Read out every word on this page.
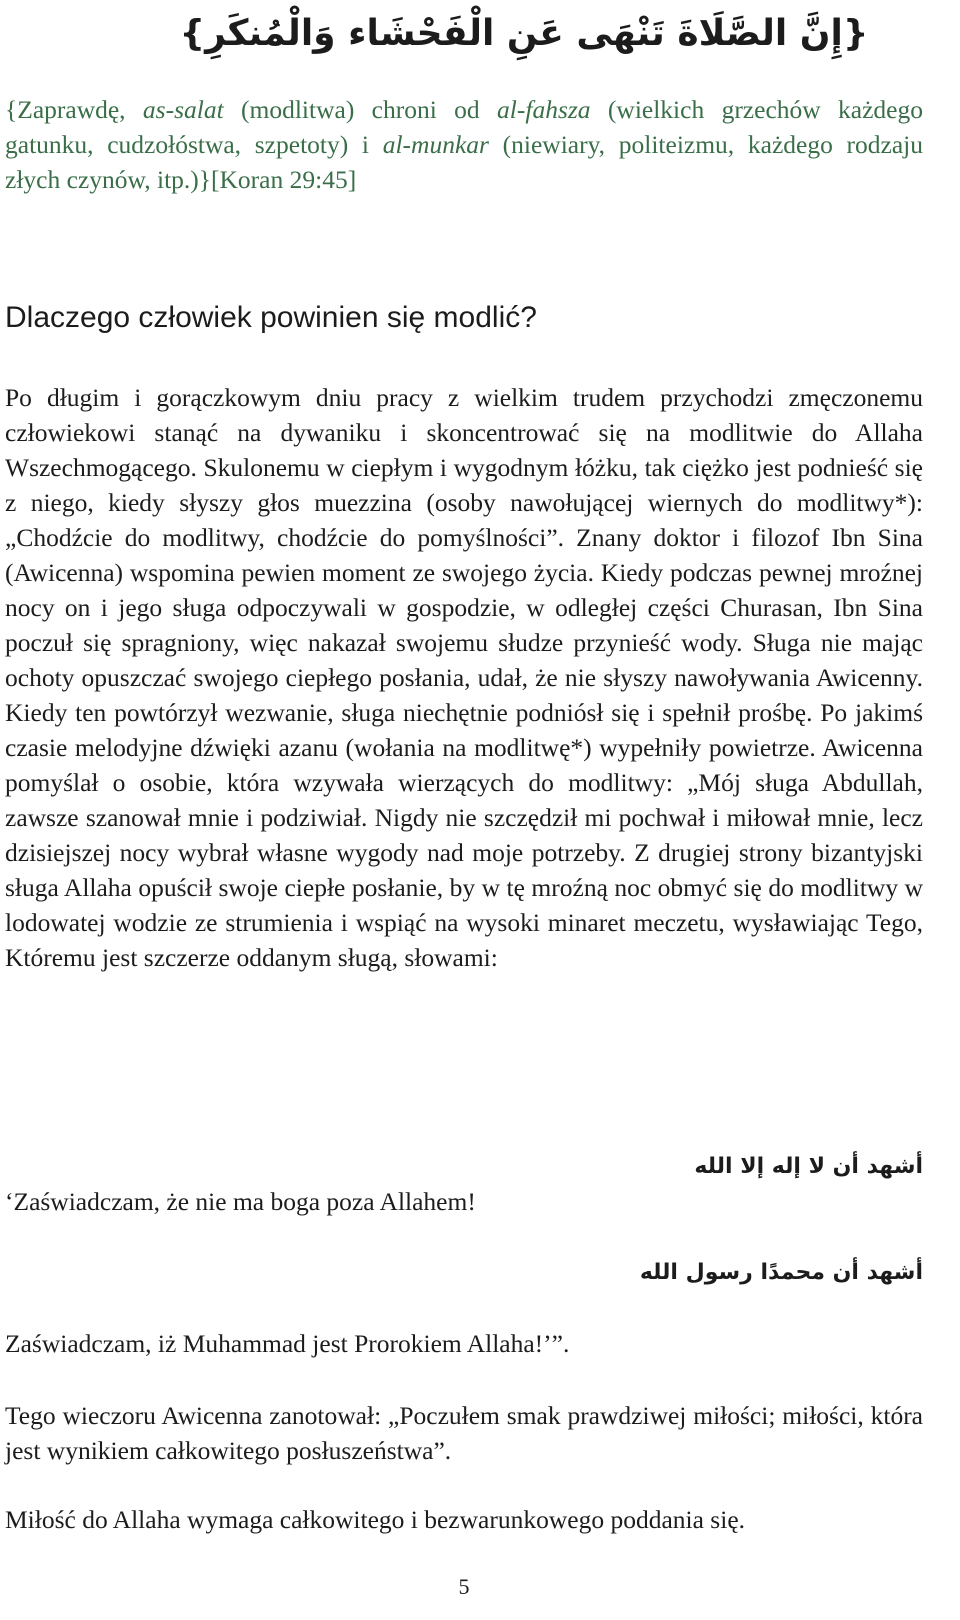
{إِنَّ الصَّلَاةَ تَنْهَى عَنِ الْفَحْشَاء وَالْمُنكَرِ}

{Zaprawdę, as-salat (modlitwa) chroni od al-fahsza (wielkich grzechów każdego gatunku, cudzołóstwa, szpetoty) i al-munkar (niewiary, politeizmu, każdego rodzaju złych czynów, itp.)}[Koran 29:45]

Dlaczego człowiek powinien się modlić?

Po długim i gorączkowym dniu pracy z wielkim trudem przychodzi zmęczonemu człowiekowi stanąć na dywaniku i skoncentrować się na modlitwie do Allaha Wszechmogącego. Skulonemu w ciepłym i wygodnym łóżku, tak ciężko jest podnieść się z niego, kiedy słyszy głos muezzina (osoby nawołującej wiernych do modlitwy*): „Chodźcie do modlitwy, chodźcie do pomyślności”. Znany doktor i filozof Ibn Sina (Awicenna) wspomina pewien moment ze swojego życia. Kiedy podczas pewnej mroźnej nocy on i jego sługa odpoczywali w gospodzie, w odległej części Churasan, Ibn Sina poczuł się spragniony, więc nakazał swojemu słudze przynieść wody. Sługa nie mając ochoty opuszczać swojego ciepłego posłania, udał, że nie słyszy nawoływania Awicenny. Kiedy ten powtórzył wezwanie, sługa niechętnie podniósł się i spełnił prośbę. Po jakimś czasie melodyjne dźwięki azanu (wołania na modlitwę*) wypełniły powietrze. Awicenna pomyślał o osobie, która wzywała wierzących do modlitwy: „Mój sługa Abdullah, zawsze szanował mnie i podziwiał. Nigdy nie szczędził mi pochwał i miłował mnie, lecz dzisiejszej nocy wybrał własne wygody nad moje potrzeby. Z drugiej strony bizantyjski sługa Allaha opuścił swoje ciepłe posłanie, by w tę mroźną noc obmyć się do modlitwy w lodowatej wodzie ze strumienia i wspiąć na wysoki minaret meczetu, wysławiając Tego, Któremu jest szczerze oddanym sługą, słowami:

أشهد أن لا إله إلا الله
‘Zaświadczam, że nie ma boga poza Allahem!
أشهد أن محمدًا رسول الله
Zaświadczam, iż Muhammad jest Prorokiem Allaha!’”.

Tego wieczoru Awicenna zanotował: „Poczułem smak prawdziwej miłości; miłości, która jest wynikiem całkowitego posłuszeństwa”.

Miłość do Allaha wymaga całkowitego i bezwarunkowego poddania się.

5
